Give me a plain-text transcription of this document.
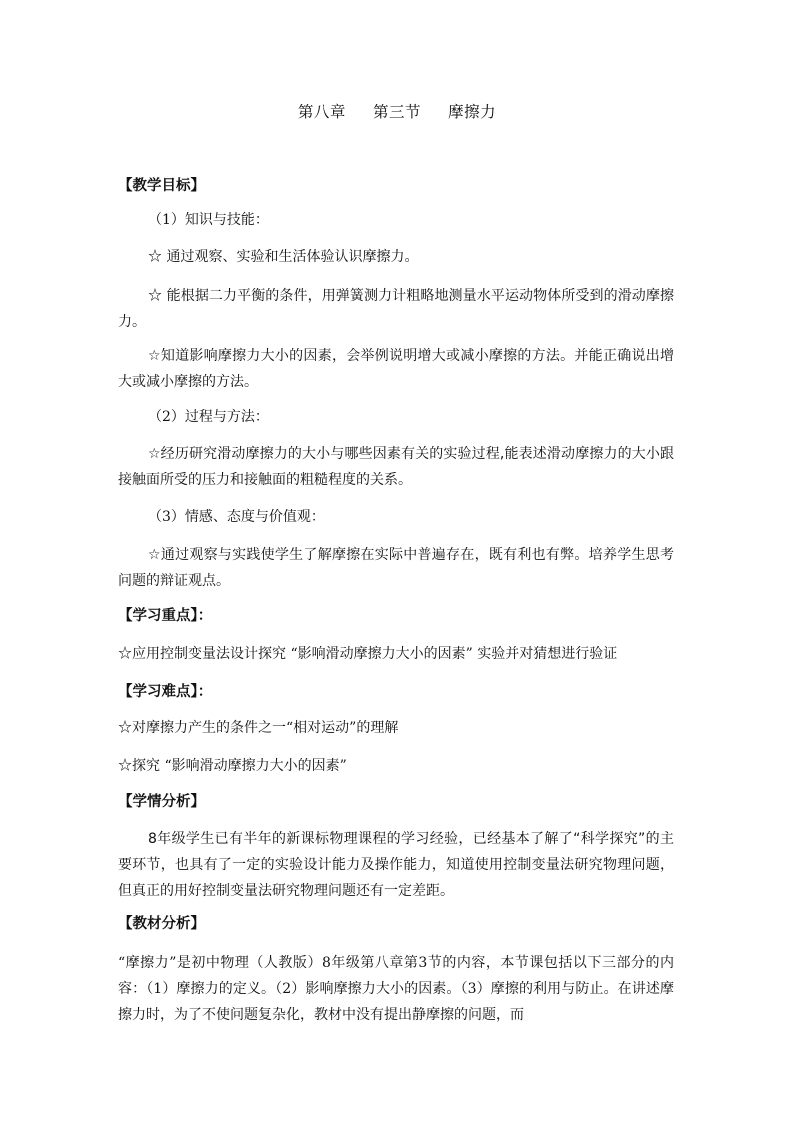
第八章     第三节     摩擦力
【教学目标】
（1）知识与技能：
☆ 通过观察、实验和生活体验认识摩擦力。
☆ 能根据二力平衡的条件，用弹簧测力计粗略地测量水平运动物体所受到的滑动摩擦力。
☆知道影响摩擦力大小的因素，会举例说明增大或减小摩擦的方法。并能正确说出增大或减小摩擦的方法。
（2）过程与方法：
☆经历研究滑动摩擦力的大小与哪些因素有关的实验过程,能表述滑动摩擦力的大小跟接触面所受的压力和接触面的粗糙程度的关系。
（3）情感、态度与价值观：
☆通过观察与实践使学生了解摩擦在实际中普遍存在，既有利也有弊。培养学生思考问题的辩证观点。
【学习重点】：
☆应用控制变量法设计探究 “影响滑动摩擦力大小的因素” 实验并对猜想进行验证
【学习难点】：
☆对摩擦力产生的条件之一“相对运动”的理解
☆探究 “影响滑动摩擦力大小的因素”
【学情分析】
8年级学生已有半年的新课标物理课程的学习经验，已经基本了解了“科学探究”的主要环节，也具有了一定的实验设计能力及操作能力，知道使用控制变量法研究物理问题，但真正的用好控制变量法研究物理问题还有一定差距。
【教材分析】
“摩擦力”是初中物理（人教版）8年级第八章第3节的内容，本节课包括以下三部分的内容：（1）摩擦力的定义。（2）影响摩擦力大小的因素。（3）摩擦的利用与防止。在讲述摩擦力时，为了不使问题复杂化，教材中没有提出静摩擦的问题，而
